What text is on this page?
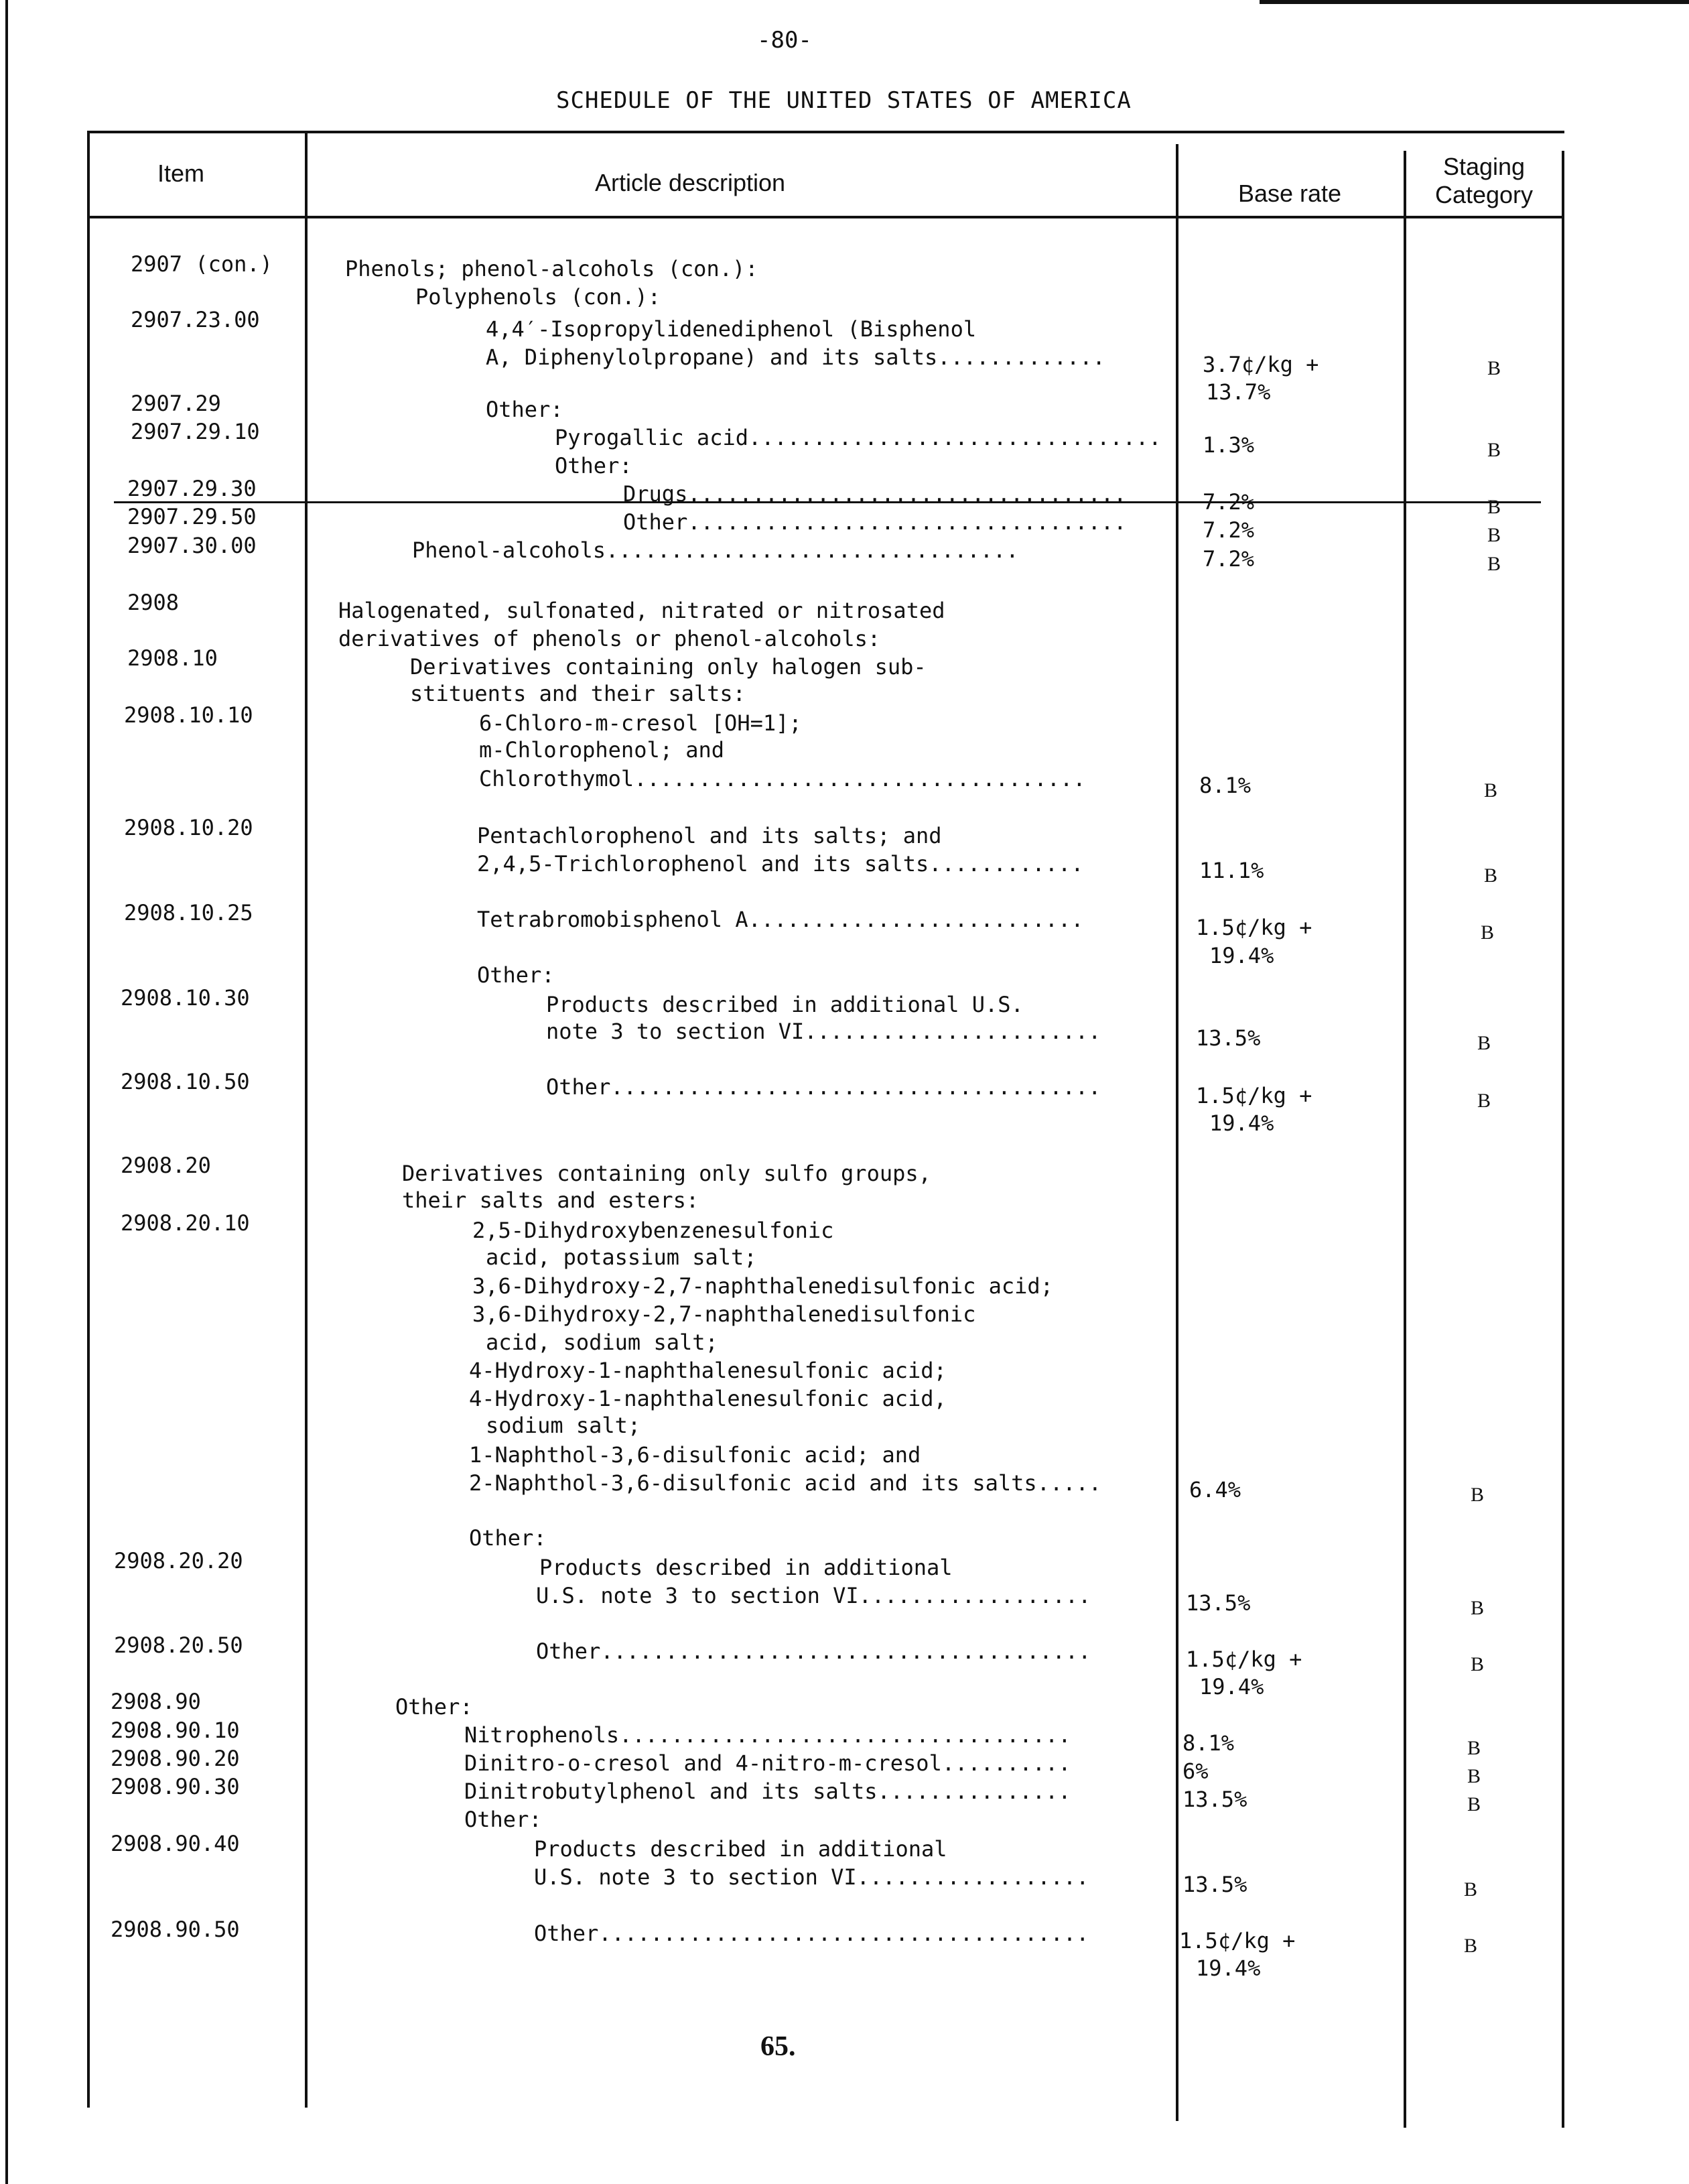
-80-
SCHEDULE OF THE UNITED STATES OF AMERICA
Item	Article description	Base rate
Staging
Category
2907 (con.)
2907.23.00
2907.29
2907.29.10
2907.29.30
2907.29.50
2907.30.00
2908
2908.10
2908.10.10
2908.10.20
2908.10.25
2908.10.30
2908.10.50
2908.20
2908.20.10
2908.20.20
2908.20.50
2908.90
2908.90.10
2908.90.20
2908.90.30
2908.90.40
2908.90.50
Phenols; phenol-alcohols (con.):
Polyphenols (con.):
4,4′-Isopropylidenediphenol (Bisphenol
A, Diphenylolpropane) and its salts.............
Other:
Pyrogallic acid................................
Other:
Drugs..................................
Other..................................
Phenol-alcohols................................
Halogenated, sulfonated, nitrated or nitrosated
derivatives of phenols or phenol-alcohols:
Derivatives containing only halogen sub-
stituents and their salts:
6-Chloro-m-cresol [OH=1];
m-Chlorophenol; and
Chlorothymol...................................
Pentachlorophenol and its salts; and
2,4,5-Trichlorophenol and its salts............
Tetrabromobisphenol A..........................
Other:
Products described in additional U.S.
note 3 to section VI.......................
Other......................................
Derivatives containing only sulfo groups,
their salts and esters:
2,5-Dihydroxybenzenesulfonic
acid, potassium salt;
3,6-Dihydroxy-2,7-naphthalenedisulfonic acid;
3,6-Dihydroxy-2,7-naphthalenedisulfonic
acid, sodium salt;
4-Hydroxy-1-naphthalenesulfonic acid;
4-Hydroxy-1-naphthalenesulfonic acid,
sodium salt;
1-Naphthol-3,6-disulfonic acid; and
2-Naphthol-3,6-disulfonic acid and its salts.....
Other:
Products described in additional
U.S. note 3 to section VI..................
Other......................................
Other:
Nitrophenols...................................
Dinitro-o-cresol and 4-nitro-m-cresol..........
Dinitrobutylphenol and its salts...............
Other:
Products described in additional
U.S. note 3 to section VI..................
Other......................................
3.7¢/kg +
13.7%
1.3%
7.2%
7.2%
7.2%
8.1%
11.1%
1.5¢/kg +
19.4%
13.5%
1.5¢/kg +
19.4%
6.4%
13.5%
1.5¢/kg +
19.4%
8.1%
6%
13.5%
13.5%
1.5¢/kg +
19.4%
B
B
B
B
B
B
B
B
B
B
B
B
B
B
B
B
B
B
65.
